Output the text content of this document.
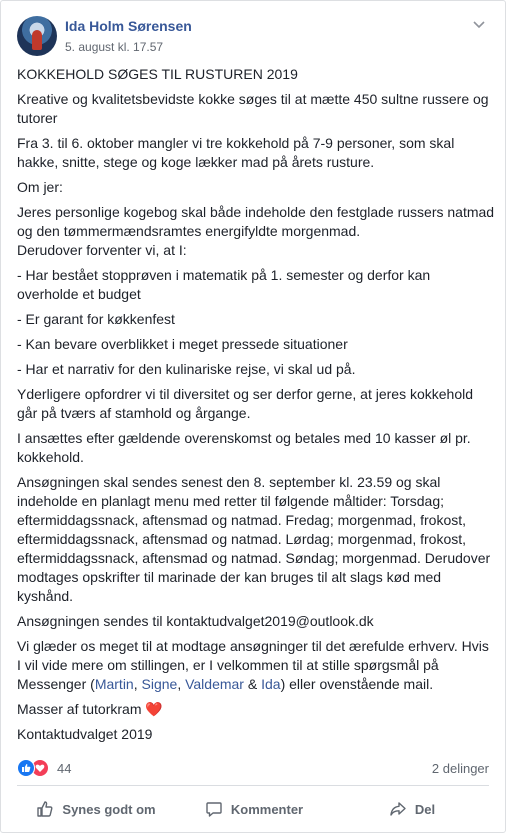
Ida Holm Sørensen
5. august kl. 17.57

KOKKEHOLD SØGES TIL RUSTUREN 2019

Kreative og kvalitetsbevidste kokke søges til at mætte 450 sultne russere og tutorer

Fra 3. til 6. oktober mangler vi tre kokkehold på 7-9 personer, som skal hakke, snitte, stege og koge lækker mad på årets rusture.

Om jer:

Jeres personlige kogebog skal både indeholde den festglade russers natmad og den tømmermændsramtes energifyldte morgenmad.
Derudover forventer vi, at I:

- Har bestået stopprøven i matematik på 1. semester og derfor kan overholde et budget

- Er garant for køkkenfest

- Kan bevare overblikket i meget pressede situationer

- Har et narrativ for den kulinariske rejse, vi skal ud på.

Yderligere opfordrer vi til diversitet og ser derfor gerne, at jeres kokkehold går på tværs af stamhold og årgange.

I ansættes efter gældende overenskomst og betales med 10 kasser øl pr. kokkehold.

Ansøgningen skal sendes senest den 8. september kl. 23.59 og skal indeholde en planlagt menu med retter til følgende måltider: Torsdag; eftermiddagssnack, aftensmad og natmad. Fredag; morgenmad, frokost, eftermiddagssnack, aftensmad og natmad. Lørdag; morgenmad, frokost, eftermiddagssnack, aftensmad og natmad. Søndag; morgenmad. Derudover modtages opskrifter til marinade der kan bruges til alt slags kød med kyshånd.

Ansøgningen sendes til kontaktudvalget2019@outlook.dk

Vi glæder os meget til at modtage ansøgninger til det ærefulde erhverv. Hvis I vil vide mere om stillingen, er I velkommen til at stille spørgsmål på Messenger (Martin, Signe, Valdemar & Ida) eller ovenstående mail.

Masser af tutorkram ❤️

Kontaktudvalget 2019

44	2 delinger
Synes godt om	Kommenter	Del
